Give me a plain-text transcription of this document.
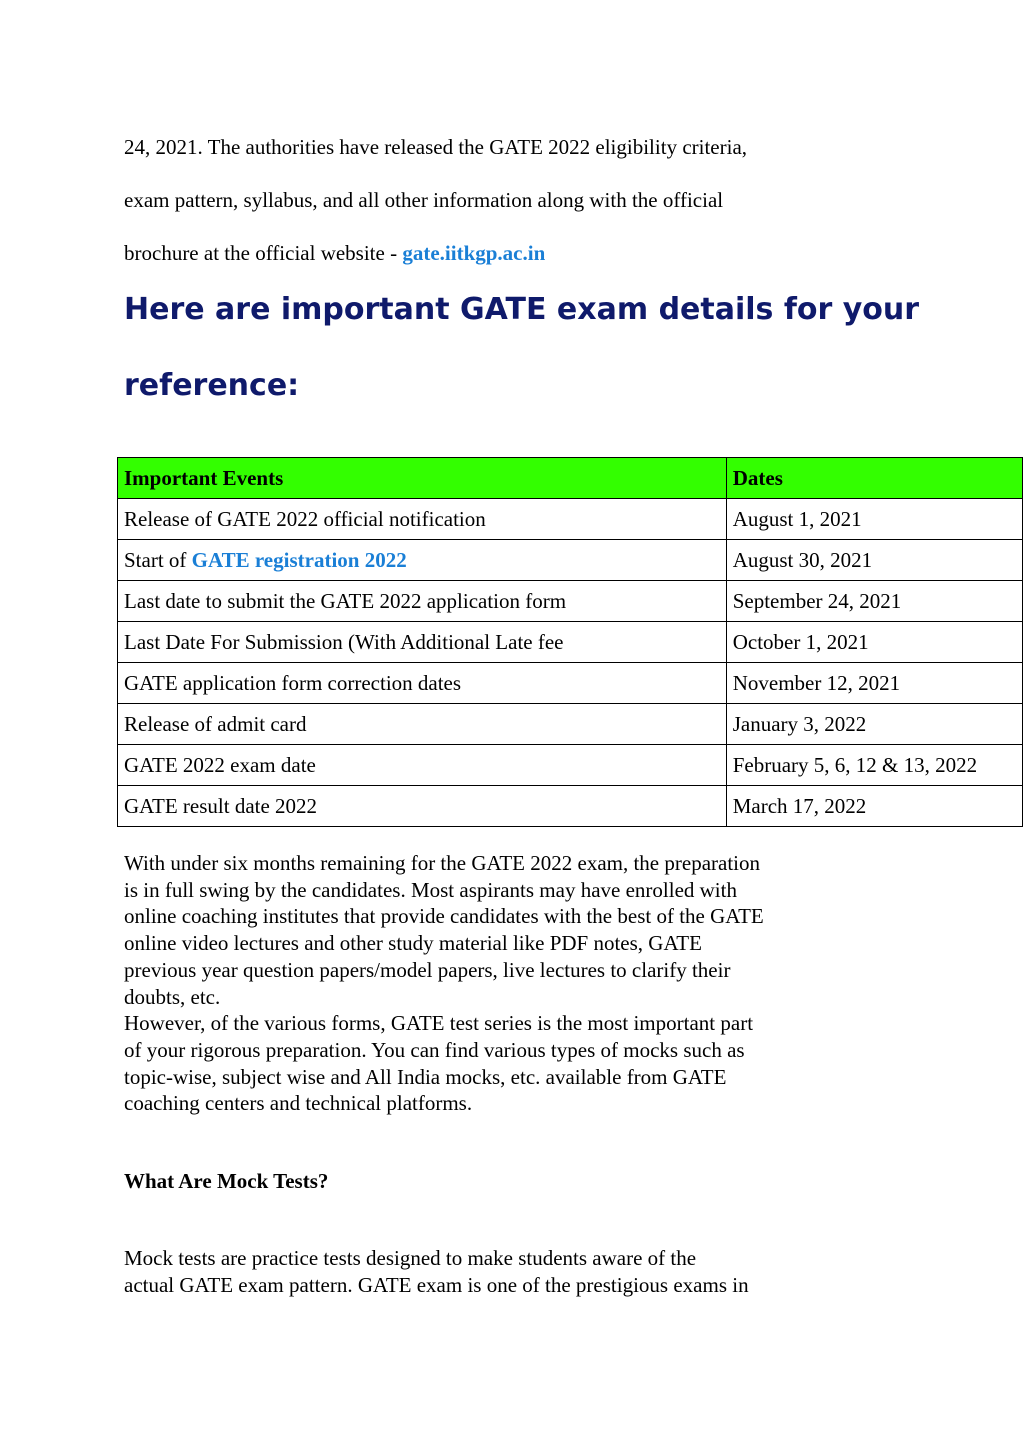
24, 2021. The authorities have released the GATE 2022 eligibility criteria,

exam pattern, syllabus, and all other information along with the official

brochure at the official website - gate.iitkgp.ac.in

Here are important GATE exam details for your
reference:
Important Events	Dates
Release of GATE 2022 official notification	August 1, 2021
Start of GATE registration 2022	August 30, 2021
Last date to submit the GATE 2022 application form	September 24, 2021
Last Date For Submission (With Additional Late fee	October 1, 2021
GATE application form correction dates	November 12, 2021
Release of admit card	January 3, 2022
GATE 2022 exam date	February 5, 6, 12 & 13, 2022
GATE result date 2022	March 17, 2022
With under six months remaining for the GATE 2022 exam, the preparation
is in full swing by the candidates. Most aspirants may have enrolled with
online coaching institutes that provide candidates with the best of the GATE
online video lectures and other study material like PDF notes, GATE
previous year question papers/model papers, live lectures to clarify their
doubts, etc.
However, of the various forms, GATE test series is the most important part
of your rigorous preparation. You can find various types of mocks such as
topic-wise, subject wise and All India mocks, etc. available from GATE
coaching centers and technical platforms.
What Are Mock Tests?
Mock tests are practice tests designed to make students aware of the
actual GATE exam pattern. GATE exam is one of the prestigious exams in
